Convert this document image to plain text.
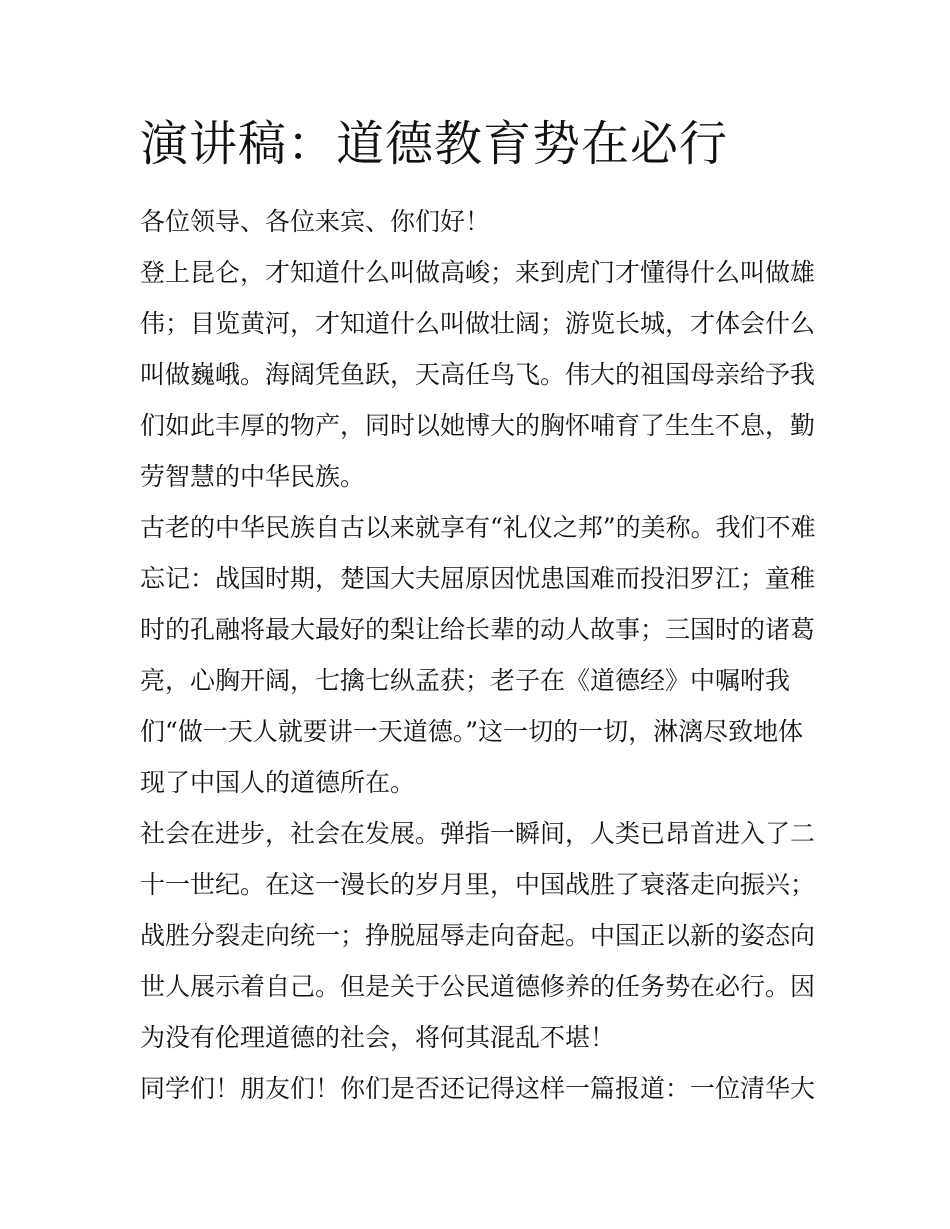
演讲稿：道德教育势在必行

各位领导、各位来宾、你们好！

登上昆仑，才知道什么叫做高峻；来到虎门才懂得什么叫做雄

伟；目览黄河，才知道什么叫做壮阔；游览长城，才体会什么

叫做巍峨。海阔凭鱼跃，天高任鸟飞。伟大的祖国母亲给予我

们如此丰厚的物产，同时以她博大的胸怀哺育了生生不息，勤

劳智慧的中华民族。

古老的中华民族自古以来就享有“礼仪之邦”的美称。我们不难

忘记：战国时期，楚国大夫屈原因忧患国难而投汨罗江；童稚

时的孔融将最大最好的梨让给长辈的动人故事；三国时的诸葛

亮，心胸开阔，七擒七纵孟获；老子在《道德经》中嘱咐我

们“做一天人就要讲一天道德。”这一切的一切，淋漓尽致地体

现了中国人的道德所在。

社会在进步，社会在发展。弹指一瞬间，人类已昂首进入了二

十一世纪。在这一漫长的岁月里，中国战胜了衰落走向振兴；

战胜分裂走向统一；挣脱屈辱走向奋起。中国正以新的姿态向

世人展示着自己。但是关于公民道德修养的任务势在必行。因

为没有伦理道德的社会，将何其混乱不堪！

同学们！朋友们！你们是否还记得这样一篇报道：一位清华大
